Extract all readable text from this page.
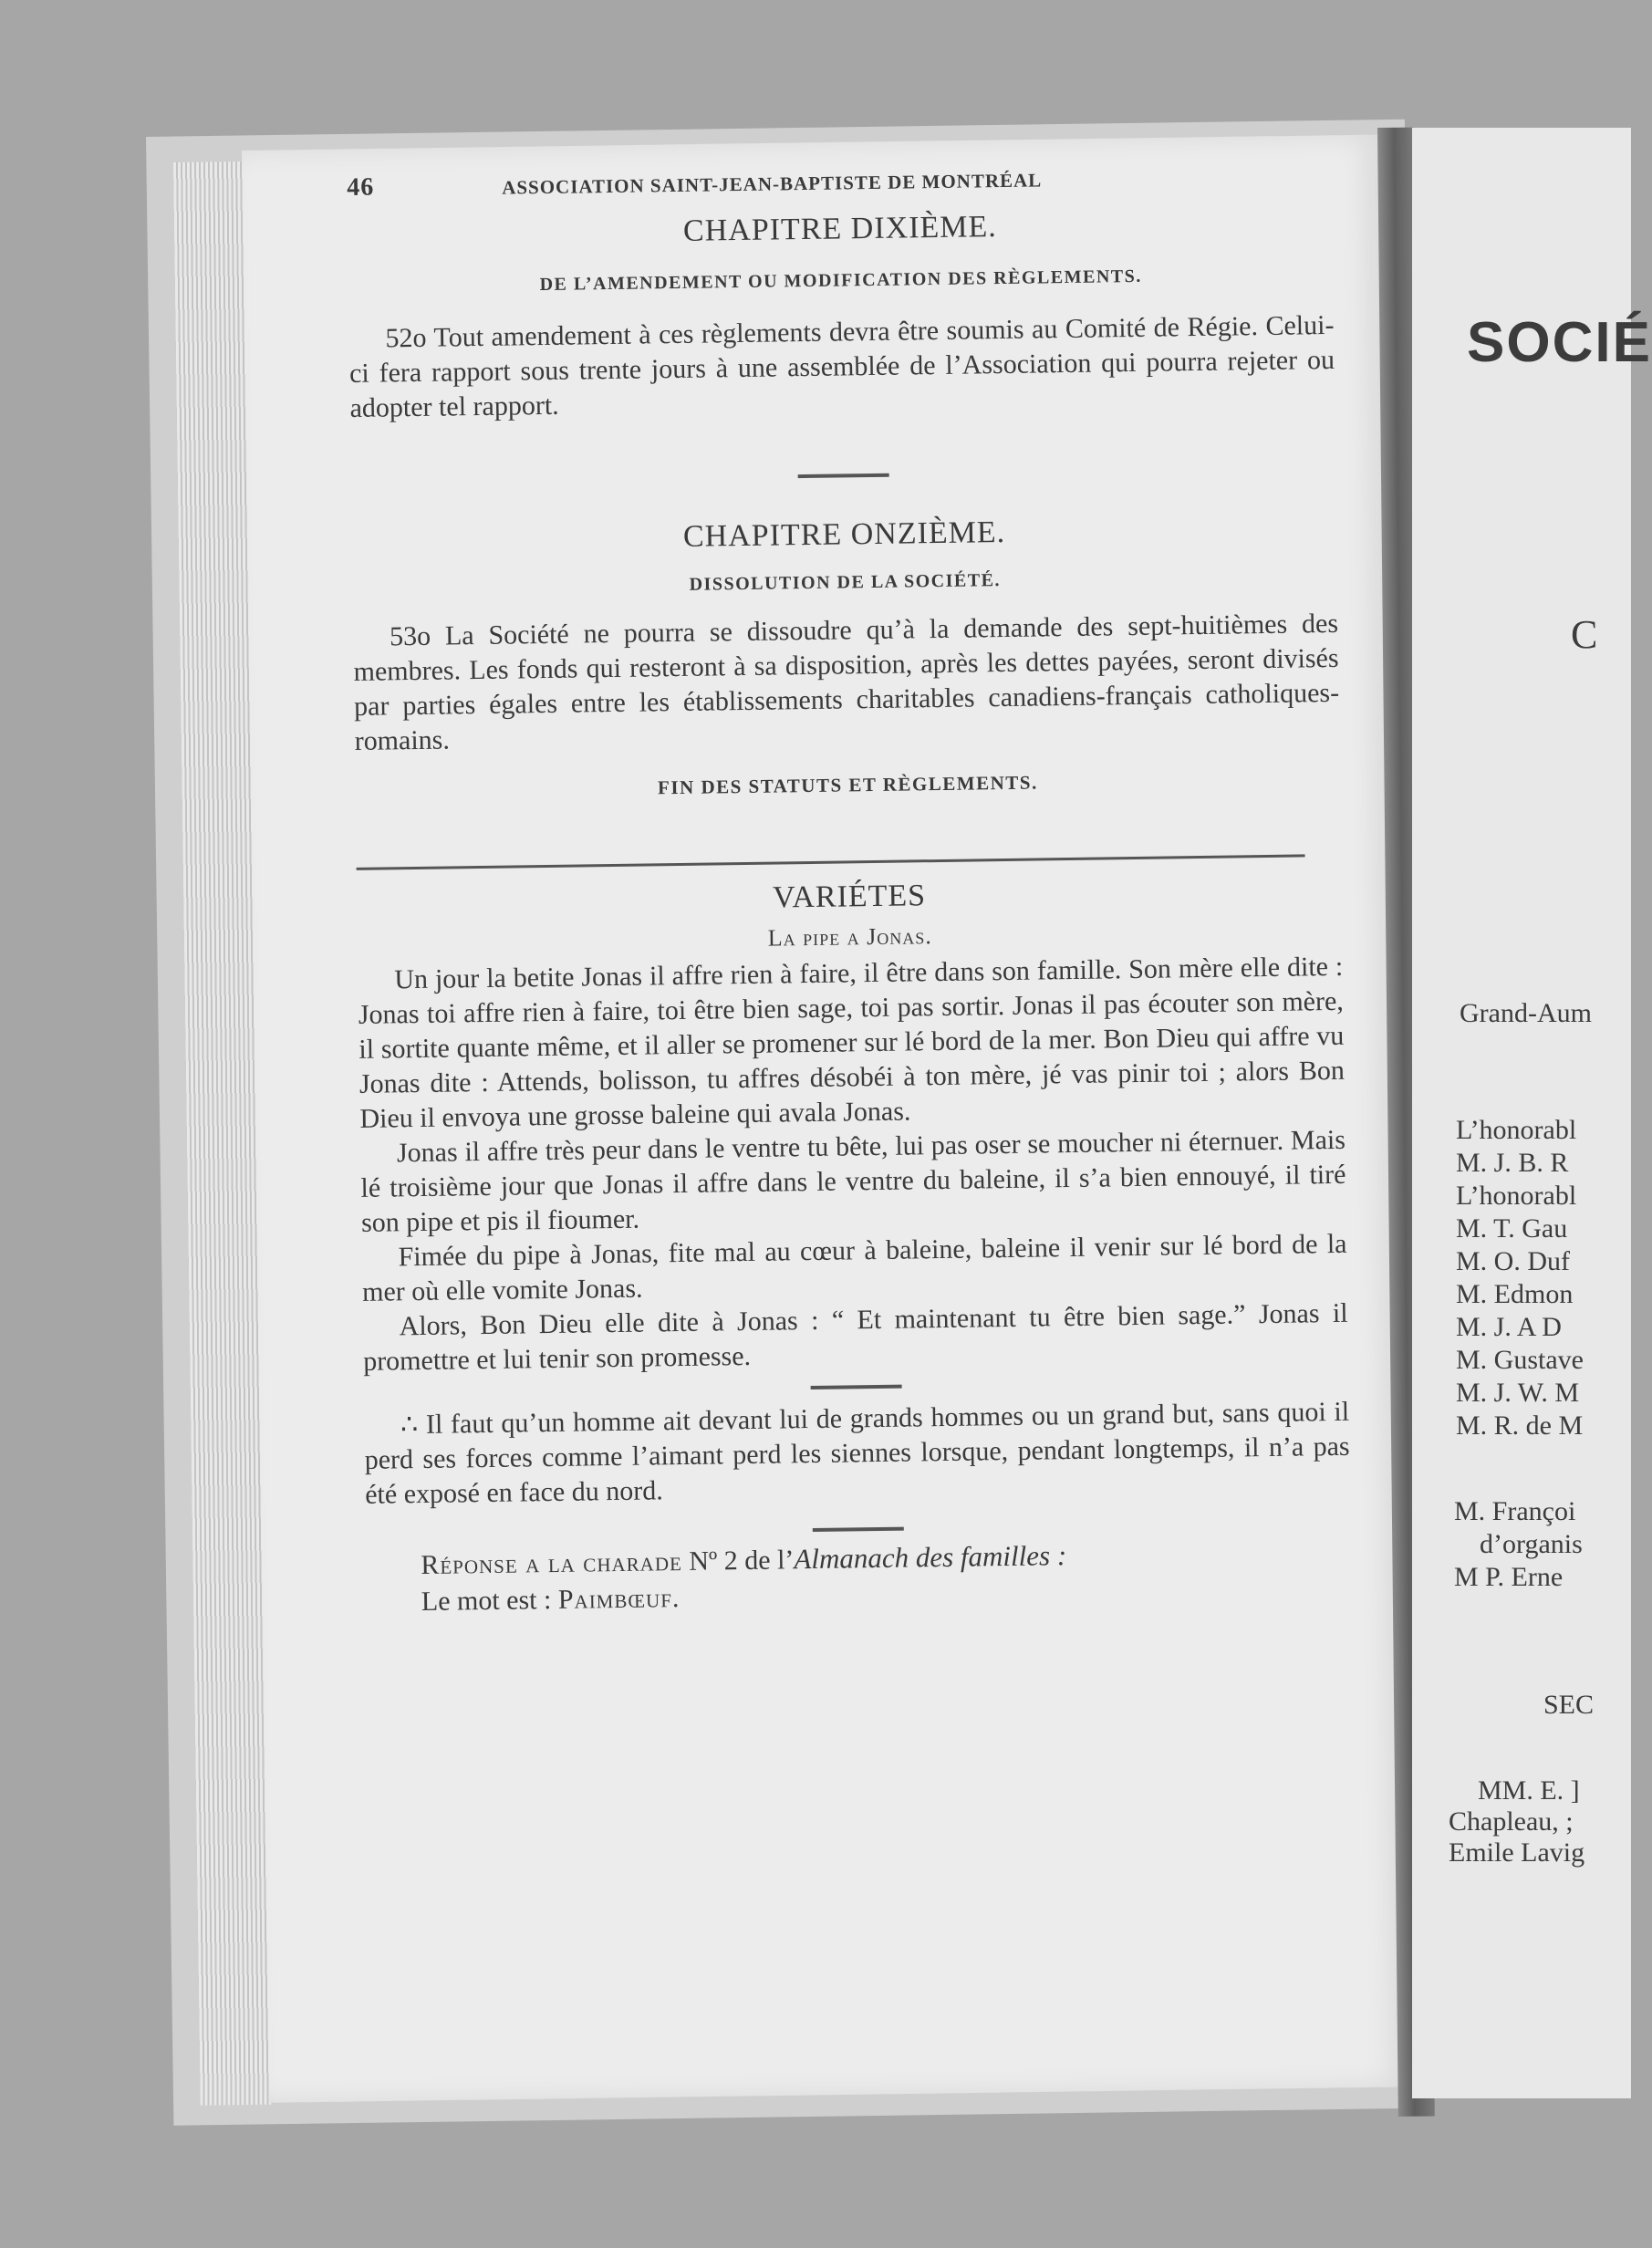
46	ASSOCIATION SAINT-JEAN-BAPTISTE DE MONTRÉAL
CHAPITRE DIXIÈME.
DE L’AMENDEMENT OU MODIFICATION DES RÈGLEMENTS.

52o Tout amendement à ces règlements devra être soumis au Comité de Régie. Celui-ci fera rapport sous trente jours à une assemblée de l’Association qui pourra rejeter ou adopter tel rapport.

CHAPITRE ONZIÈME.
DISSOLUTION DE LA SOCIÉTÉ.

53o La Société ne pourra se dissoudre qu’à la demande des sept-huitièmes des membres. Les fonds qui resteront à sa disposition, après les dettes payées, seront divisés par parties égales entre les établissements charitables canadiens-français catholiques-romains.

FIN DES STATUTS ET RÈGLEMENTS.
VARIÉTES
La pipe a Jonas.

Un jour la betite Jonas il affre rien à faire, il être dans son famille. Son mère elle dite : Jonas toi affre rien à faire, toi être bien sage, toi pas sortir. Jonas il pas écouter son mère, il sortite quante même, et il aller se promener sur lé bord de la mer. Bon Dieu qui affre vu Jonas dite : Attends, bolisson, tu affres désobéi à ton mère, jé vas pinir toi ; alors Bon Dieu il envoya une grosse baleine qui avala Jonas.

Jonas il affre très peur dans le ventre tu bête, lui pas oser se moucher ni éternuer. Mais lé troisième jour que Jonas il affre dans le ventre du baleine, il s’a bien ennouyé, il tiré son pipe et pis il fioumer.

Fimée du pipe à Jonas, fite mal au cœur à baleine, baleine il venir sur lé bord de la mer où elle vomite Jonas.

Alors, Bon Dieu elle dite à Jonas : “ Et maintenant tu être bien sage.” Jonas il promettre et lui tenir son promesse.

∴ Il faut qu’un homme ait devant lui de grands hommes ou un grand but, sans quoi il perd ses forces comme l’aimant perd les siennes lorsque, pendant longtemps, il n’a pas été exposé en face du nord.

Réponse a la charade Nº 2 de l’Almanach des familles :
Le mot est : Paimbœuf.
SOCIÉ
C
Grand-Aum
L’honorabl
M. J. B. R
L’honorabl
M. T. Gau
M. O. Duf
M. Edmon
M. J. A D
M. Gustave
M. J. W. M
M. R. de M
M. Françoi
d’organis
M P. Erne
SEC
MM. E. ]
Chapleau, ;
Emile Lavig
